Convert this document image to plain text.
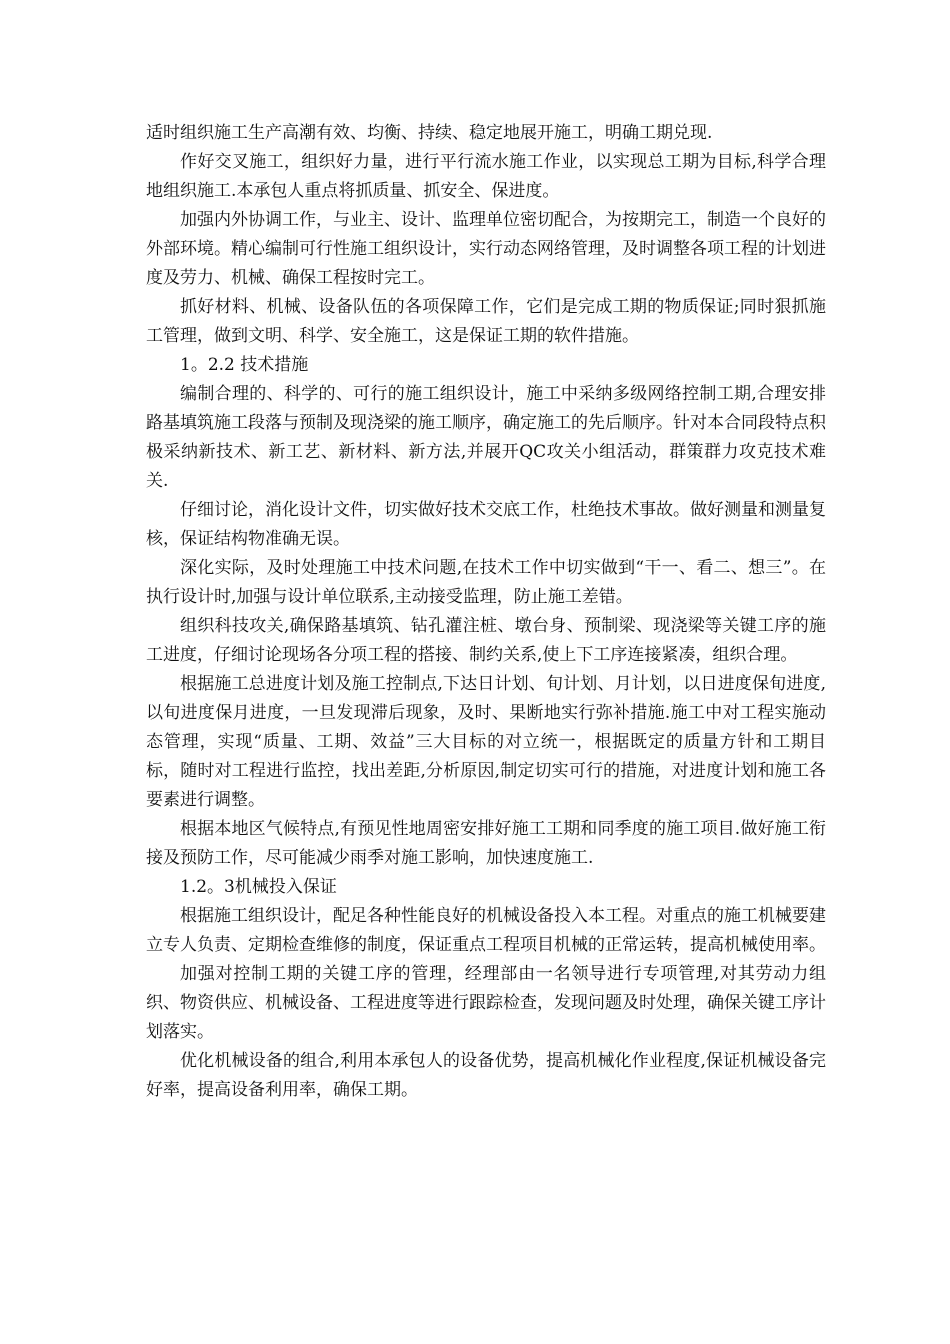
适时组织施工生产高潮有效、均衡、持续、稳定地展开施工，明确工期兑现.

作好交叉施工，组织好力量，进行平行流水施工作业，以实现总工期为目标,科学合理地组织施工.本承包人重点将抓质量、抓安全、保进度。

加强内外协调工作，与业主、设计、监理单位密切配合，为按期完工，制造一个良好的外部环境。精心编制可行性施工组织设计，实行动态网络管理，及时调整各项工程的计划进度及劳力、机械、确保工程按时完工。

抓好材料、机械、设备队伍的各项保障工作，它们是完成工期的物质保证;同时狠抓施工管理，做到文明、科学、安全施工，这是保证工期的软件措施。

1。2.2 技术措施

编制合理的、科学的、可行的施工组织设计，施工中采纳多级网络控制工期,合理安排路基填筑施工段落与预制及现浇梁的施工顺序，确定施工的先后顺序。针对本合同段特点积极采纳新技术、新工艺、新材料、新方法,并展开QC攻关小组活动，群策群力攻克技术难关.

仔细讨论，消化设计文件，切实做好技术交底工作，杜绝技术事故。做好测量和测量复核，保证结构物准确无误。

深化实际，及时处理施工中技术问题,在技术工作中切实做到“干一、看二、想三”。在执行设计时,加强与设计单位联系,主动接受监理，防止施工差错。

组织科技攻关,确保路基填筑、钻孔灌注桩、墩台身、预制梁、现浇梁等关键工序的施工进度，仔细讨论现场各分项工程的搭接、制约关系,使上下工序连接紧凑，组织合理。

根据施工总进度计划及施工控制点,下达日计划、旬计划、月计划，以日进度保旬进度,以旬进度保月进度，一旦发现滞后现象，及时、果断地实行弥补措施.施工中对工程实施动态管理，实现“质量、工期、效益”三大目标的对立统一，根据既定的质量方针和工期目标，随时对工程进行监控，找出差距,分析原因,制定切实可行的措施，对进度计划和施工各要素进行调整。

根据本地区气候特点,有预见性地周密安排好施工工期和同季度的施工项目.做好施工衔接及预防工作，尽可能减少雨季对施工影响，加快速度施工.

1.2。3机械投入保证

根据施工组织设计，配足各种性能良好的机械设备投入本工程。对重点的施工机械要建立专人负责、定期检查维修的制度，保证重点工程项目机械的正常运转，提高机械使用率。

加强对控制工期的关键工序的管理，经理部由一名领导进行专项管理,对其劳动力组织、物资供应、机械设备、工程进度等进行跟踪检查，发现问题及时处理，确保关键工序计划落实。

优化机械设备的组合,利用本承包人的设备优势，提高机械化作业程度,保证机械设备完好率，提高设备利用率，确保工期。
